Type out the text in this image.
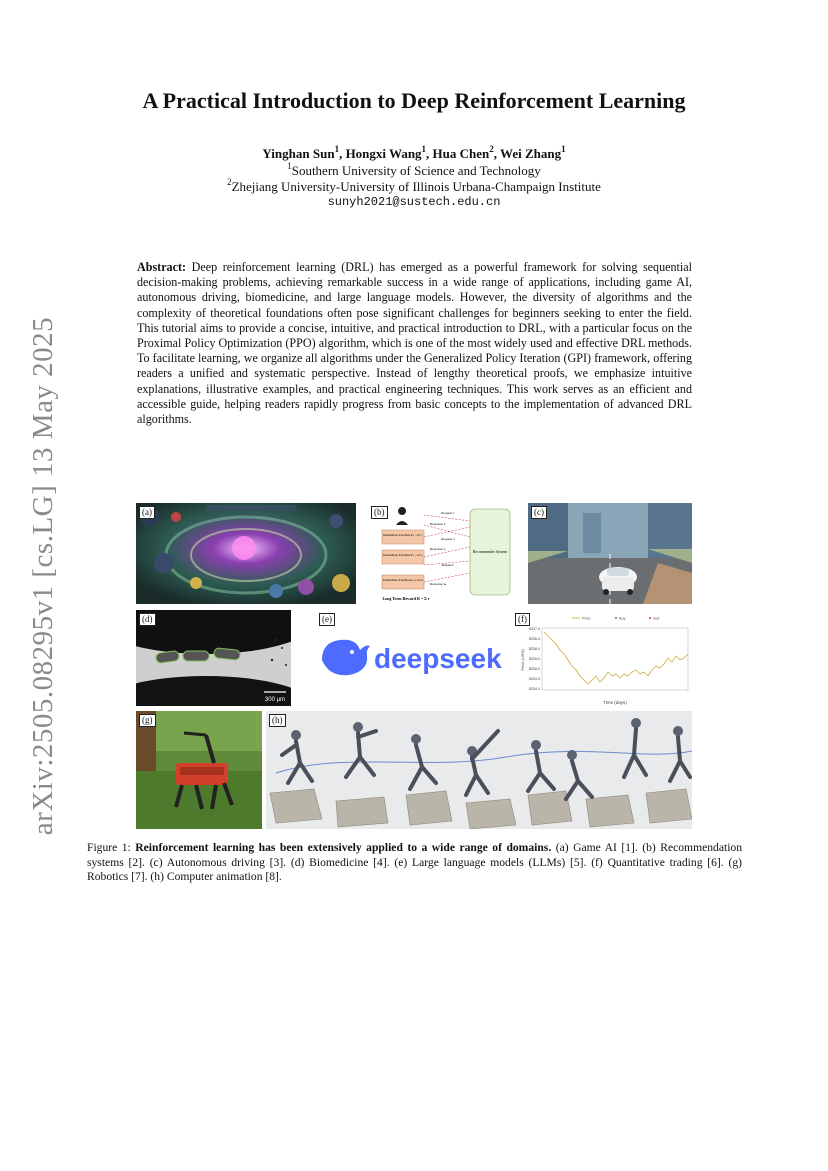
arXiv:2505.08295v1 [cs.LG] 13 May 2025
A Practical Introduction to Deep Reinforcement Learning
Yinghan Sun$^1$, Hongxi Wang$^1$, Hua Chen$^2$, Wei Zhang$^1$
$^1$Southern University of Science and Technology
$^2$Zhejiang University-University of Illinois Urbana-Champaign Institute
sunyh2021@sustech.edu.cn
Abstract: Deep reinforcement learning (DRL) has emerged as a powerful framework for solving sequential decision-making problems, achieving remarkable success in a wide range of applications, including game AI, autonomous driving, biomedicine, and large language models. However, the diversity of algorithms and the complexity of theoretical foundations often pose significant challenges for beginners seeking to enter the field. This tutorial aims to provide a concise, intuitive, and practical introduction to DRL, with a particular focus on the Proximal Policy Optimization (PPO) algorithm, which is one of the most widely used and effective DRL methods. To facilitate learning, we organize all algorithms under the Generalized Policy Iteration (GPI) framework, offering readers a unified and systematic perspective. Instead of lengthy theoretical proofs, we emphasize intuitive explanations, illustrative examples, and practical engineering techniques. This work serves as an efficient and accessible guide, helping readers rapidly progress from basic concepts to the implementation of advanced DRL algorithms.
(a)
Immediate Feedback r₁ of I₁
Immediate Feedback r₂ of I₂
Immediate Feedback rₙ of Iₙ
Recommender System
Request 1
Request 2
Request t
Response I₁
Response I₂
Response Iₙ
Long Term Reward R = Σ r
(b)	(c)
300 μm
(d)
deepseek
(e)
$337.0
$336.5
$336.0
$335.5
$335.0
$334.5
$334.0
Price (USD)
Time (days)
Price	Buy	Sell
(f)
(g)	(h)
Figure 1: Reinforcement learning has been extensively applied to a wide range of domains. (a) Game AI [1]. (b) Recommendation systems [2]. (c) Autonomous driving [3]. (d) Biomedicine [4]. (e) Large language models (LLMs) [5]. (f) Quantitative trading [6]. (g) Robotics [7]. (h) Computer animation [8].
